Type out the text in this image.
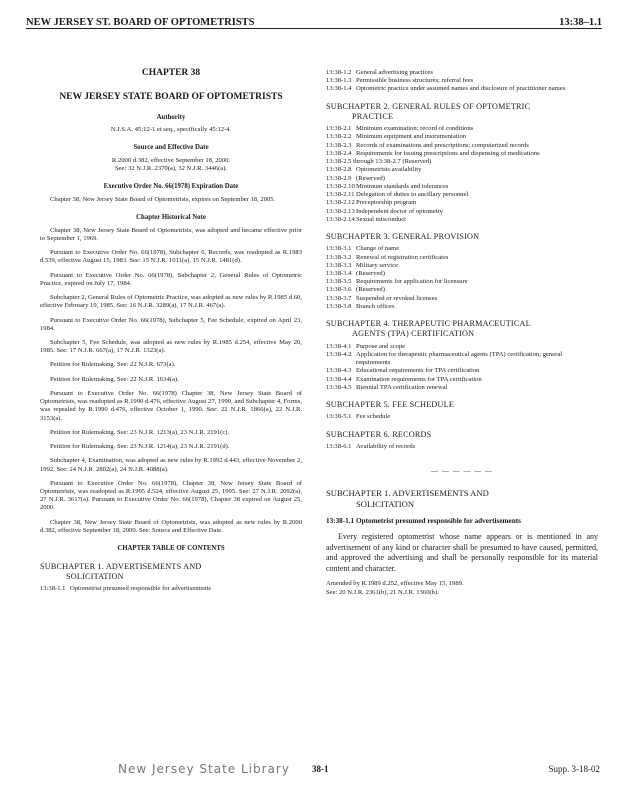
NEW JERSEY ST. BOARD OF OPTOMETRISTS	13:38–1.1
CHAPTER 38
NEW JERSEY STATE BOARD OF OPTOMETRISTS
Authority
N.J.S.A. 45:12-1 et seq., specifically 45:12-4.
Source and Effective Date
R.2000 d.382, effective September 18, 2000.
See: 32 N.J.R. 2370(a), 32 N.J.R. 3446(a).
Executive Order No. 66(1978) Expiration Date

Chapter 38, New Jersey State Board of Optometrists, expires on September 18, 2005.

Chapter Historical Note

Chapter 38, New Jersey State Board of Optometrists, was adopted and became effective prior to September 1, 1969.

Pursuant to Executive Order No. 66(1978), Subchapter 6, Records, was readopted as R.1983 d.539, effective August 15, 1983. See: 15 N.J.R. 1011(a), 15 N.J.R. 1481(d).

Pursuant to Executive Order No. 66(1978), Subchapter 2, General Rules of Optometric Practice, expired on July 17, 1984.

Subchapter 2, General Rules of Optometric Practice, was adopted as new rules by R.1985 d.60, effective February 19, 1985. See: 16 N.J.R. 3289(a), 17 N.J.R. 467(a).

Pursuant to Executive Order No. 66(1978), Subchapter 5, Fee Schedule, expired on April 23, 1984.

Subchapter 5, Fee Schedule, was adopted as new rules by R.1985 d.254, effective May 20, 1985. See: 17 N.J.R. 667(a), 17 N.J.R. 1323(a).

Petition for Rulemaking. See: 22 N.J.R. 673(a).

Petition for Rulemaking. See: 22 N.J.R. 1634(a).

Pursuant to Executive Order No. 66(1978) Chapter 38, New Jersey State Board of Optometrists, was readopted as R.1990 d.476, effective August 27, 1990, and Subchapter 4, Forms, was repealed by R.1990 d.476, effective October 1, 1990. See: 22 N.J.R. 1866(a), 22 N.J.R. 3153(a).

Petition for Rulemaking. See: 23 N.J.R. 1213(a), 23 N.J.R. 2191(c).

Petition for Rulemaking. See: 23 N.J.R. 1214(a), 23 N.J.R. 2191(d).

Subchapter 4, Examination, was adopted as new rules by R.1992 d.443, effective November 2, 1992. See: 24 N.J.R. 2802(a), 24 N.J.R. 4088(a).

Pursuant to Executive Order No. 66(1978), Chapter 38, New Jersey State Board of Optometrists, was readopted as R.1995 d.524, effective August 25, 1995. See: 27 N.J.R. 2092(a), 27 N.J.R. 3617(a). Pursuant to Executive Order No. 66(1978), Chapter 38 expired on August 25, 2000.

Chapter 38, New Jersey State Board of Optometrists, was adopted as new rules by R.2000 d.382, effective September 18, 2000. See: Source and Effective Date.

CHAPTER TABLE OF CONTENTS
SUBCHAPTER 1. ADVERTISEMENTS AND
SOLICITATION
13:38-1.1 Optometrist presumed responsible for advertisements
13:38-1.2 General advertising practices
13:38-1.3 Permissible business structures; referral fees
13:38-1.4 Optometric practice under assumed names and disclosure of practitioner names
SUBCHAPTER 2. GENERAL RULES OF OPTOMETRIC
PRACTICE
13:38-2.1 Minimum examination; record of conditions
13:38-2.2 Minimum equipment and instrumentation
13:38-2.3 Records of examinations and prescriptions; computerized records
13:38-2.4 Requirements for issuing prescriptions and dispensing of medications
13:38-2.5 through 13:38-2.7 (Reserved)
13:38-2.8 Optometrists availability
13:38-2.9 (Reserved)
13:38-2.10 Minimum standards and tolerances
13:38-2.11 Delegation of duties to ancillary personnel
13:38-2.12 Preceptorship program
13:38-2.13 Independent doctor of optometry
13:38-2.14 Sexual misconduct
SUBCHAPTER 3. GENERAL PROVISION
13:38-3.1 Change of name
13:38-3.2 Renewal of registration certificates
13:38-3.3 Military service
13:38-3.4 (Reserved)
13:38-3.5 Requirements for application for licensure
13:38-3.6 (Reserved)
13:38-3.7 Suspended or revoked licenses
13:38-3.8 Branch offices
SUBCHAPTER 4. THERAPEUTIC PHARMACEUTICAL
AGENTS (TPA) CERTIFICATION
13:38-4.1 Purpose and scope
13:38-4.2 Application for therapeutic pharmaceutical agents (TPA) certification; general requirements
13:38-4.3 Educational requirements for TPA certification
13:38-4.4 Examination requirements for TPA certification
13:38-4.5 Biennial TPA certification renewal
SUBCHAPTER 5. FEE SCHEDULE
13:38-5.1 Fee schedule
SUBCHAPTER 6. RECORDS
13:38-6.1 Availability of records
— — — — — —
SUBCHAPTER 1. ADVERTISEMENTS AND
SOLICITATION
13:38-1.1 Optometrist presumed responsible for advertisements

Every registered optometrist whose name appears or is mentioned in any advertisement of any kind or character shall be presumed to have caused, permitted, and approved the advertising and shall be personally responsible for its material content and character.

Amended by R.1989 d.252, effective May 15, 1989.
See: 20 N.J.R. 2361(b), 21 N.J.R. 1360(b).
New Jersey State Library 38-1	Supp. 3-18-02
